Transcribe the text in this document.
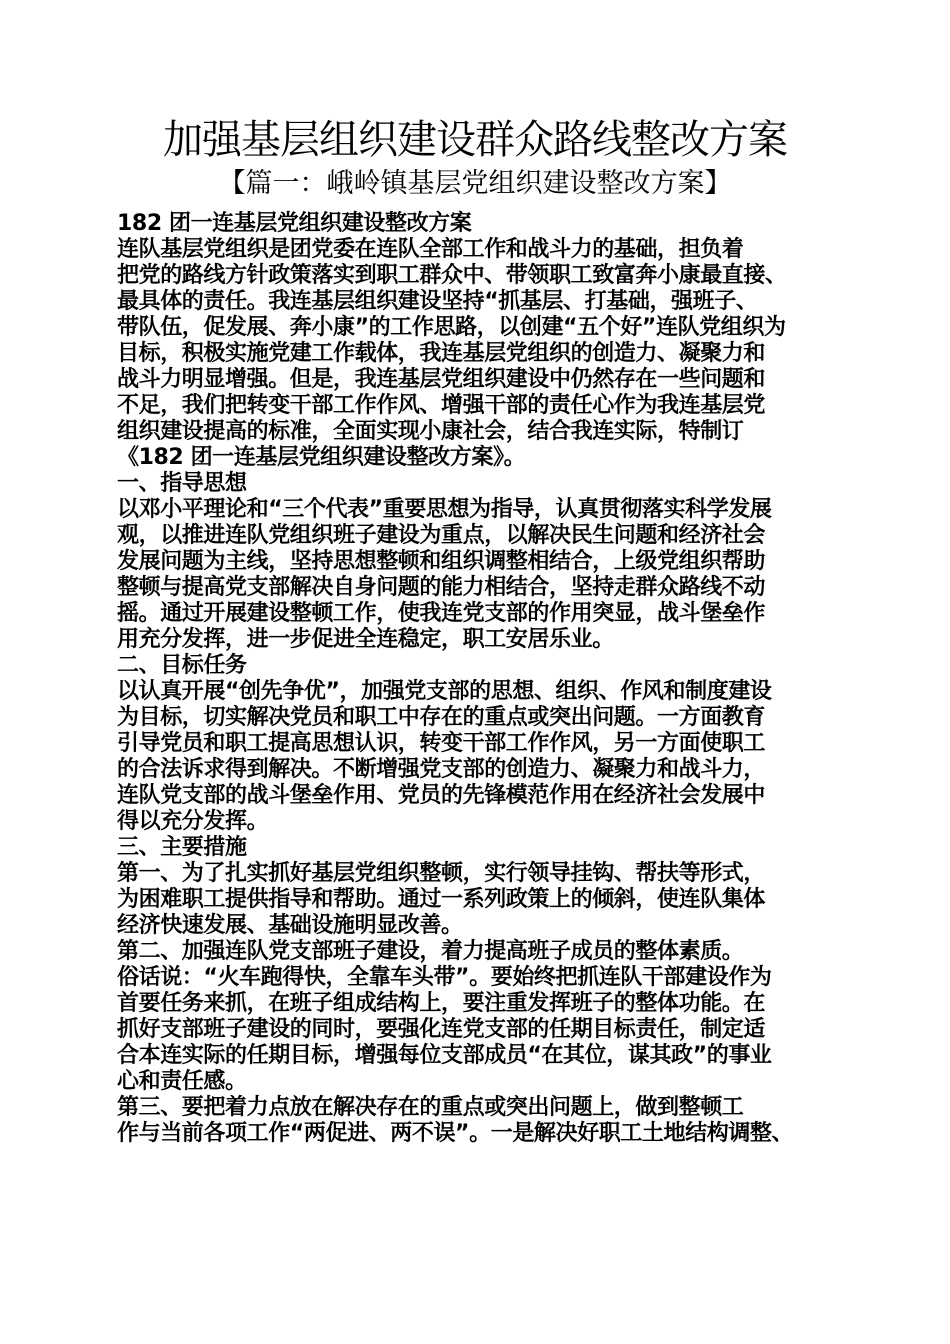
加强基层组织建设群众路线整改方案
【篇一：峨岭镇基层党组织建设整改方案】
182 团一连基层党组织建设整改方案
连队基层党组织是团党委在连队全部工作和战斗力的基础，担负着
把党的路线方针政策落实到职工群众中、带领职工致富奔小康最直接、
最具体的责任。我连基层组织建设坚持“抓基层、打基础，强班子、
带队伍，促发展、奔小康”的工作思路，以创建“五个好”连队党组织为
目标，积极实施党建工作载体，我连基层党组织的创造力、凝聚力和
战斗力明显增强。但是，我连基层党组织建设中仍然存在一些问题和
不足，我们把转变干部工作作风、增强干部的责任心作为我连基层党
组织建设提高的标准，全面实现小康社会，结合我连实际，特制订
《182 团一连基层党组织建设整改方案》。
一、指导思想
以邓小平理论和“三个代表”重要思想为指导，认真贯彻落实科学发展
观，以推进连队党组织班子建设为重点，以解决民生问题和经济社会
发展问题为主线，坚持思想整顿和组织调整相结合，上级党组织帮助
整顿与提高党支部解决自身问题的能力相结合，坚持走群众路线不动
摇。通过开展建设整顿工作，使我连党支部的作用突显，战斗堡垒作
用充分发挥，进一步促进全连稳定，职工安居乐业。
二、目标任务
以认真开展“创先争优”，加强党支部的思想、组织、作风和制度建设
为目标，切实解决党员和职工中存在的重点或突出问题。一方面教育
引导党员和职工提高思想认识，转变干部工作作风，另一方面使职工
的合法诉求得到解决。不断增强党支部的创造力、凝聚力和战斗力，
连队党支部的战斗堡垒作用、党员的先锋模范作用在经济社会发展中
得以充分发挥。
三、主要措施
第一、为了扎实抓好基层党组织整顿，实行领导挂钩、帮扶等形式，
为困难职工提供指导和帮助。通过一系列政策上的倾斜，使连队集体
经济快速发展、基础设施明显改善。
第二、加强连队党支部班子建设，着力提高班子成员的整体素质。
俗话说：“火车跑得快，全靠车头带”。要始终把抓连队干部建设作为
首要任务来抓，在班子组成结构上，要注重发挥班子的整体功能。在
抓好支部班子建设的同时，要强化连党支部的任期目标责任，制定适
合本连实际的任期目标，增强每位支部成员“在其位，谋其政”的事业
心和责任感。
第三、要把着力点放在解决存在的重点或突出问题上，做到整顿工
作与当前各项工作“两促进、两不误”。一是解决好职工土地结构调整、
